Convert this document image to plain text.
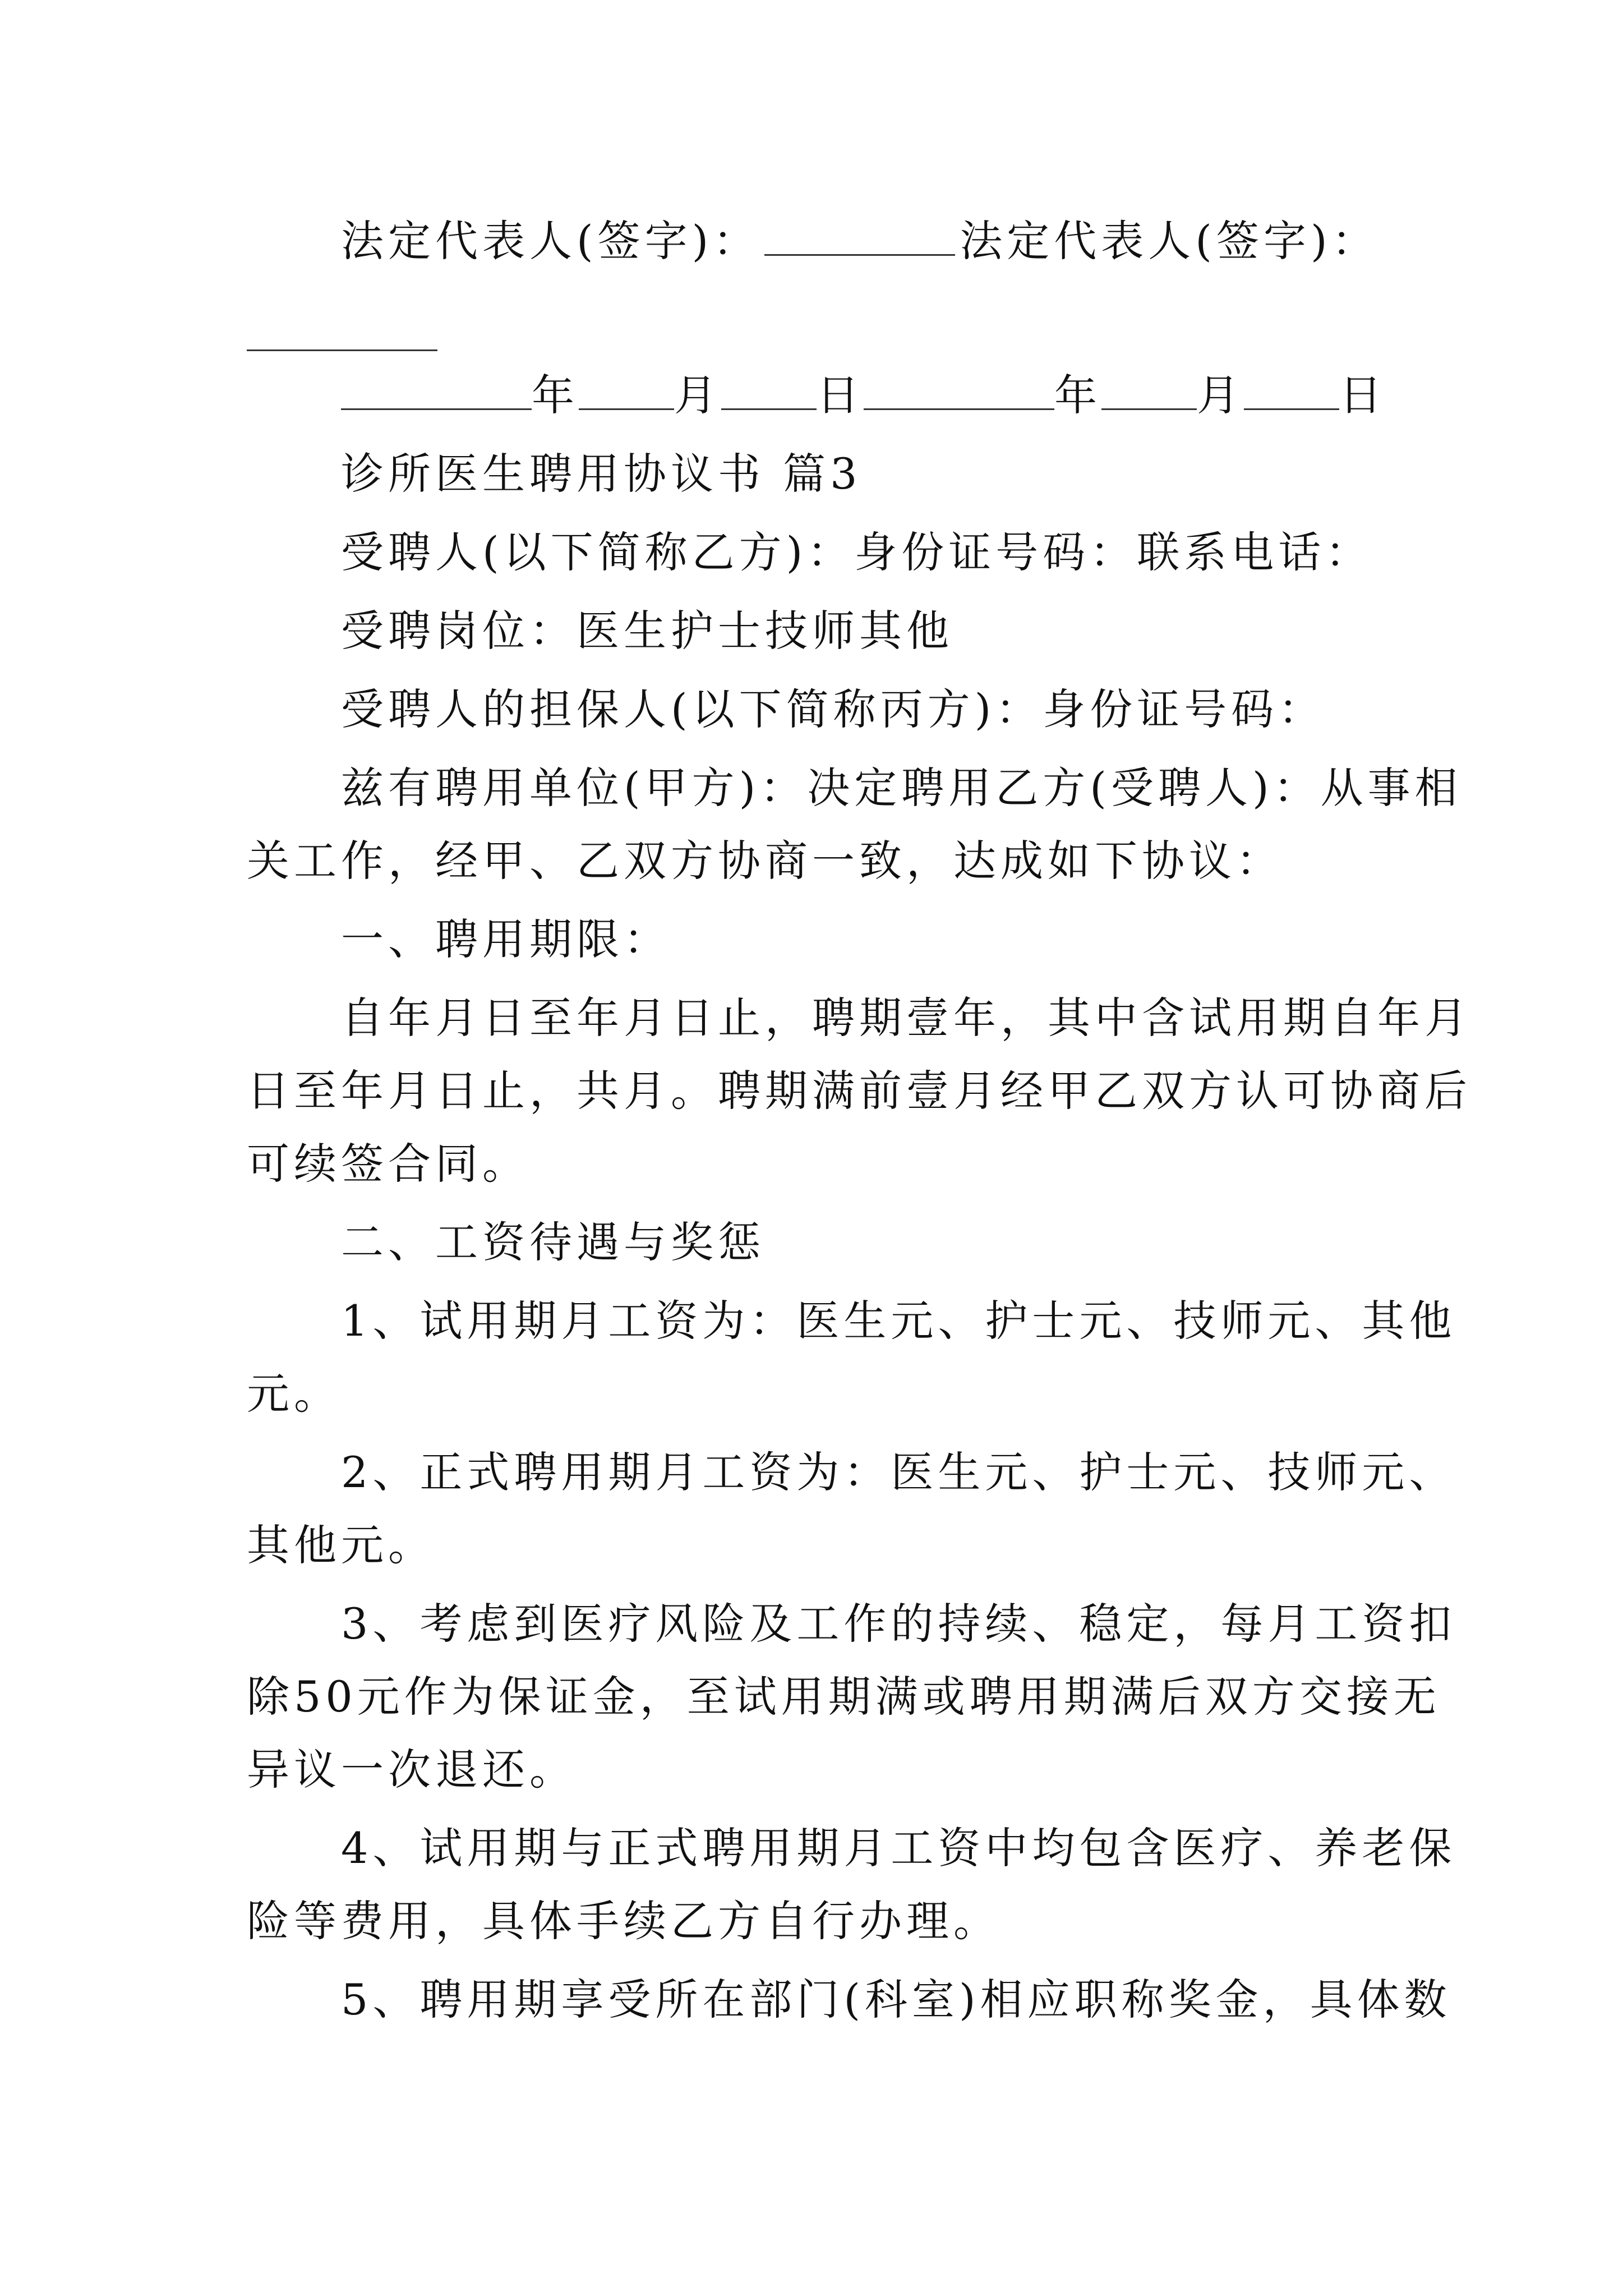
法定代表人(签字)：	法定代表人(签字)：
年 月 日	年 月 日
诊所医生聘用协议书 篇3
受聘人(以下简称乙方)：身份证号码：联系电话：
受聘岗位：医生护士技师其他
受聘人的担保人(以下简称丙方)：身份证号码：
兹有聘用单位(甲方)：决定聘用乙方(受聘人)：从事相
关工作，经甲、乙双方协商一致，达成如下协议：
一、聘用期限：
自年月日至年月日止，聘期壹年，其中含试用期自年月
日至年月日止，共月。聘期满前壹月经甲乙双方认可协商后
可续签合同。
二、工资待遇与奖惩
1、试用期月工资为：医生元、护士元、技师元、其他
元。
2、正式聘用期月工资为：医生元、护士元、技师元、
其他元。
3、考虑到医疗风险及工作的持续、稳定，每月工资扣
除50元作为保证金，至试用期满或聘用期满后双方交接无
异议一次退还。
4、试用期与正式聘用期月工资中均包含医疗、养老保
险等费用，具体手续乙方自行办理。
5、聘用期享受所在部门(科室)相应职称奖金，具体数
